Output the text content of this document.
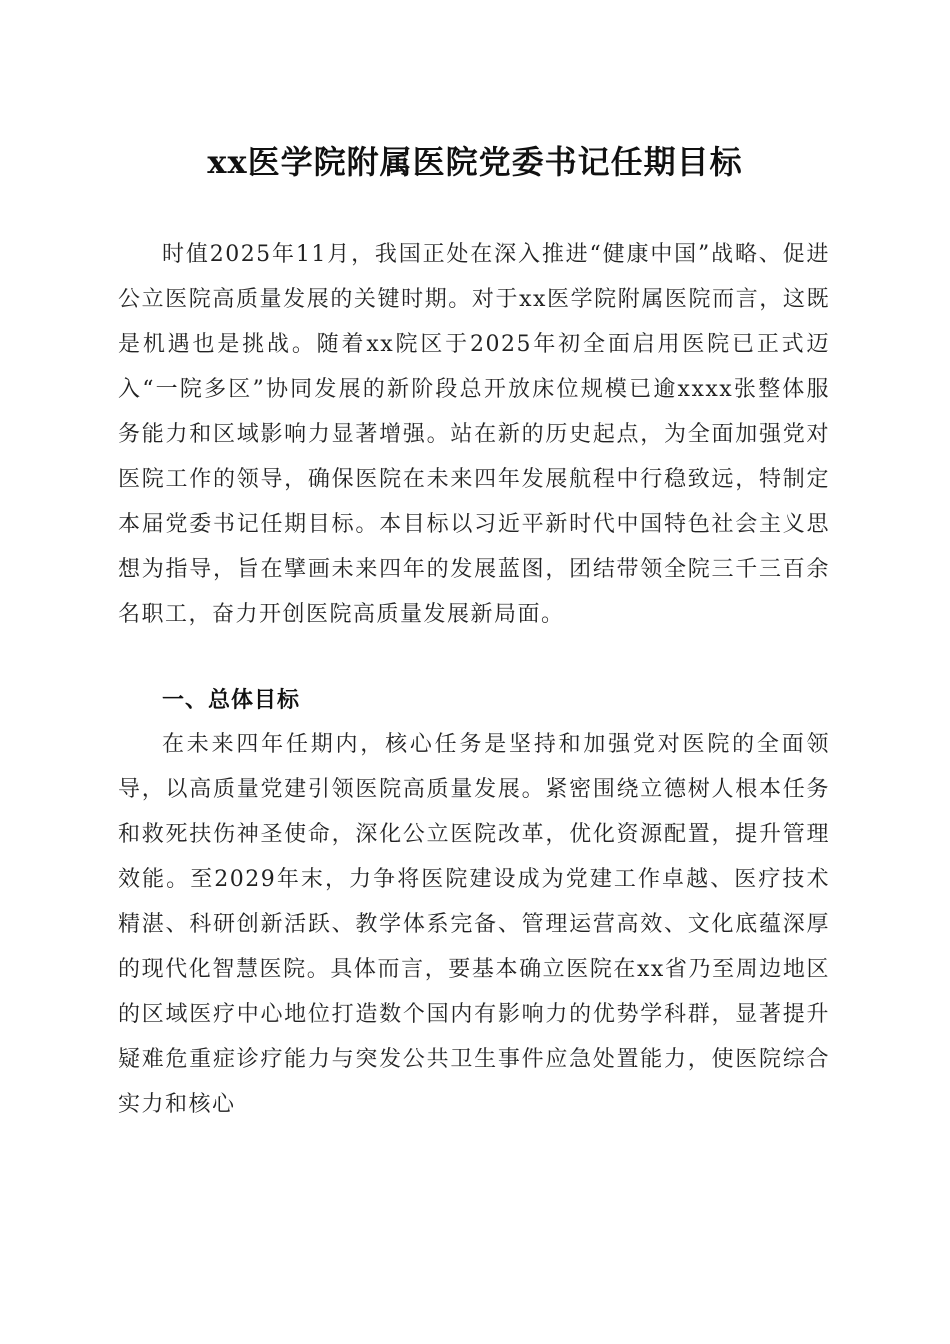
xx医学院附属医院党委书记任期目标

时值2025年11月，我国正处在深入推进“健康中国”战略、促进公立医院高质量发展的关键时期。对于xx医学院附属医院而言，这既是机遇也是挑战。随着xx院区于2025年初全面启用医院已正式迈入“一院多区”协同发展的新阶段总开放床位规模已逾xxxx张整体服务能力和区域影响力显著增强。站在新的历史起点，为全面加强党对医院工作的领导，确保医院在未来四年发展航程中行稳致远，特制定本届党委书记任期目标。本目标以习近平新时代中国特色社会主义思想为指导，旨在擘画未来四年的发展蓝图，团结带领全院三千三百余名职工，奋力开创医院高质量发展新局面。

一、总体目标

在未来四年任期内，核心任务是坚持和加强党对医院的全面领导，以高质量党建引领医院高质量发展。紧密围绕立德树人根本任务和救死扶伤神圣使命，深化公立医院改革，优化资源配置，提升管理效能。至2029年末，力争将医院建设成为党建工作卓越、医疗技术精湛、科研创新活跃、教学体系完备、管理运营高效、文化底蕴深厚的现代化智慧医院。具体而言，要基本确立医院在xx省乃至周边地区的区域医疗中心地位打造数个国内有影响力的优势学科群，显著提升疑难危重症诊疗能力与突发公共卫生事件应急处置能力，使医院综合实力和核心
